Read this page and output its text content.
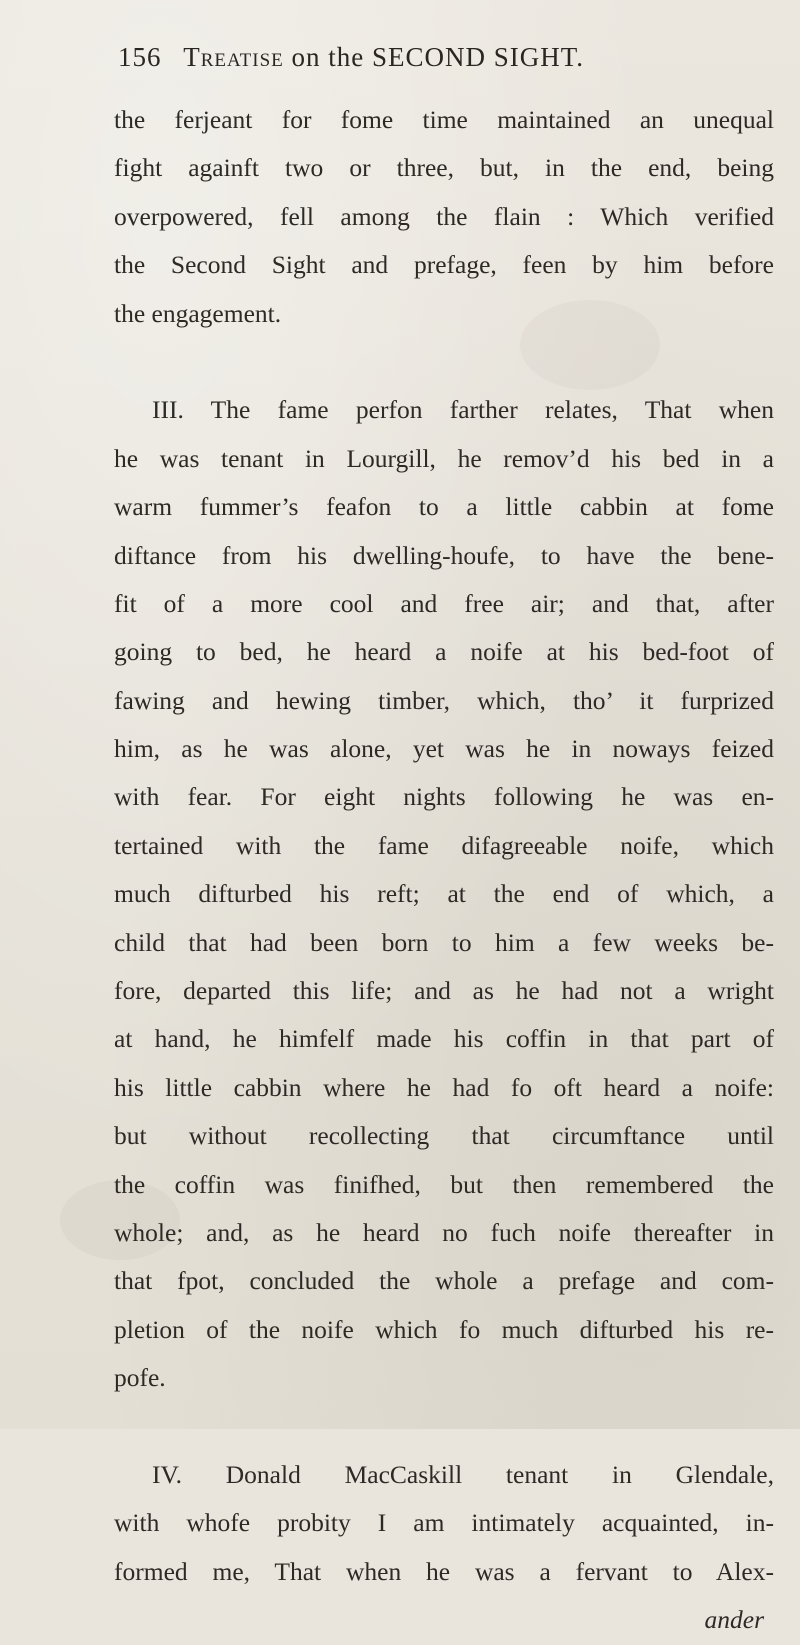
156 Treatise on the SECOND SIGHT.
the ferjeant for fome time maintained an unequal
fight againft two or three, but, in the end, being
overpowered, fell among the flain : Which verified
the Second Sight and prefage, feen by him before
the engagement.
III. The fame perfon farther relates, That when
he was tenant in Lourgill, he remov’d his bed in a
warm fummer’s feafon to a little cabbin at fome
diftance from his dwelling-houfe, to have the bene-
fit of a more cool and free air; and that, after
going to bed, he heard a noife at his bed-foot of
fawing and hewing timber, which, tho’ it furprized
him, as he was alone, yet was he in noways feized
with fear. For eight nights following he was en-
tertained with the fame difagreeable noife, which
much difturbed his reft; at the end of which, a
child that had been born to him a few weeks be-
fore, departed this life; and as he had not a wright
at hand, he himfelf made his coffin in that part of
his little cabbin where he had fo oft heard a noife:
but without recollecting that circumftance until
the coffin was finifhed, but then remembered the
whole; and, as he heard no fuch noife thereafter in
that fpot, concluded the whole a prefage and com-
pletion of the noife which fo much difturbed his re-
pofe.
IV. Donald MacCaskill tenant in Glendale,
with whofe probity I am intimately acquainted, in-
formed me, That when he was a fervant to Alex-
ander
